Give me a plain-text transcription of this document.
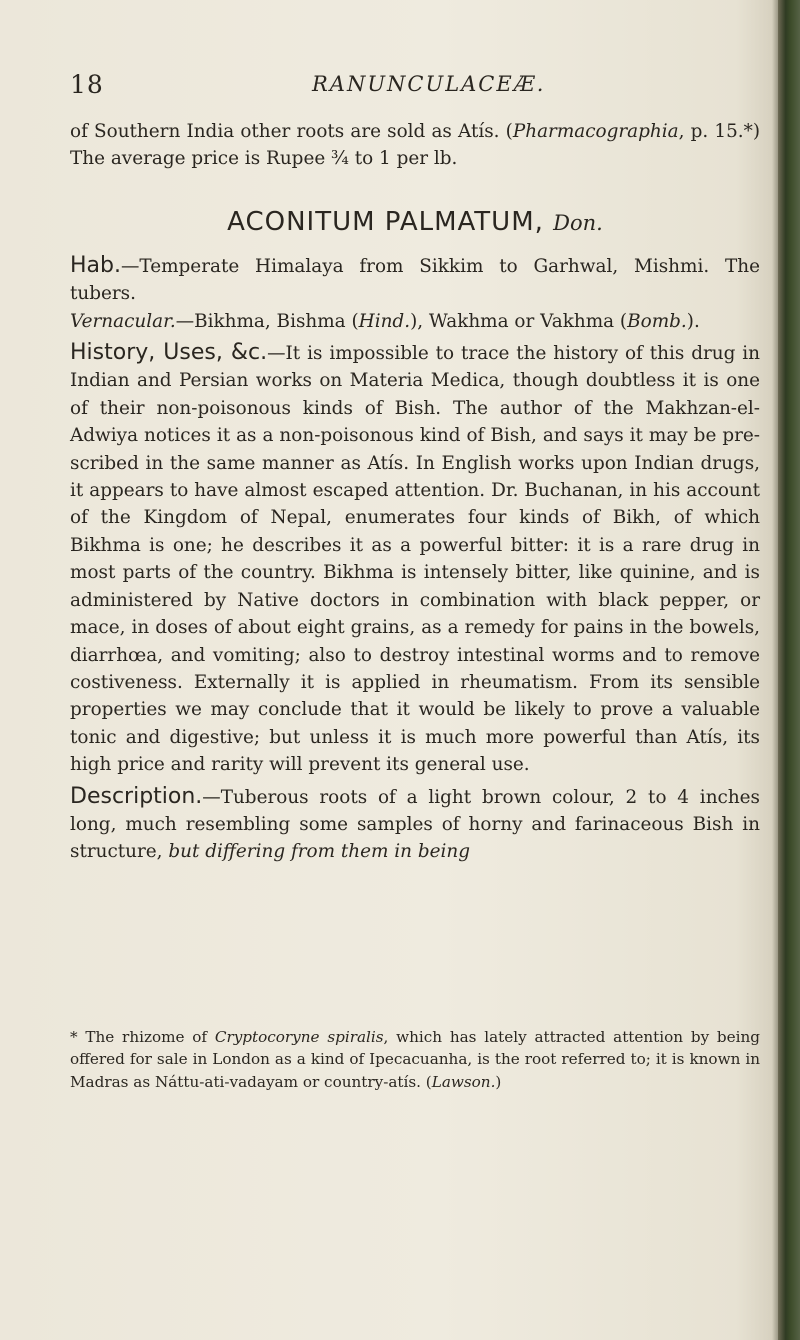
18	RANUNCULACEÆ.

of Southern India other roots are sold as Atís. (Pharmacographia, p. 15.*) The average price is Rupee ¾ to 1 per lb.

ACONITUM PALMATUM, Don.

Hab.—Temperate Himalaya from Sikkim to Garhwal, Mishmi. The tubers.

Vernacular.—Bikhma, Bishma (Hind.), Wakhma or Vakhma (Bomb.).

History, Uses, &c.—It is impossible to trace the history of this drug in Indian and Persian works on Materia Medica, though doubtless it is one of their non-poisonous kinds of Bish. The author of the Makhzan-el-Adwiya notices it as a non-poisonous kind of Bish, and says it may be prescribed in the same manner as Atís. In English works upon Indian drugs, it appears to have almost escaped attention. Dr. Buchanan, in his account of the Kingdom of Nepal, enumerates four kinds of Bikh, of which Bikhma is one; he describes it as a powerful bitter: it is a rare drug in most parts of the country. Bikhma is intensely bitter, like quinine, and is administered by Native doctors in combination with black pepper, or mace, in doses of about eight grains, as a remedy for pains in the bowels, diarrhœa, and vomiting; also to destroy intestinal worms and to remove costiveness. Externally it is applied in rheumatism. From its sensible properties we may conclude that it would be likely to prove a valuable tonic and digestive; but unless it is much more powerful than Atís, its high price and rarity will prevent its general use.

Description.—Tuberous roots of a light brown colour, 2 to 4 inches long, much resembling some samples of horny and farinaceous Bish in structure, but differing from them in being

* The rhizome of Cryptocoryne spiralis, which has lately attracted attention by being offered for sale in London as a kind of Ipecacuanha, is the root referred to; it is known in Madras as Náttu-ati-vadayam or country-atís. (Lawson.)
